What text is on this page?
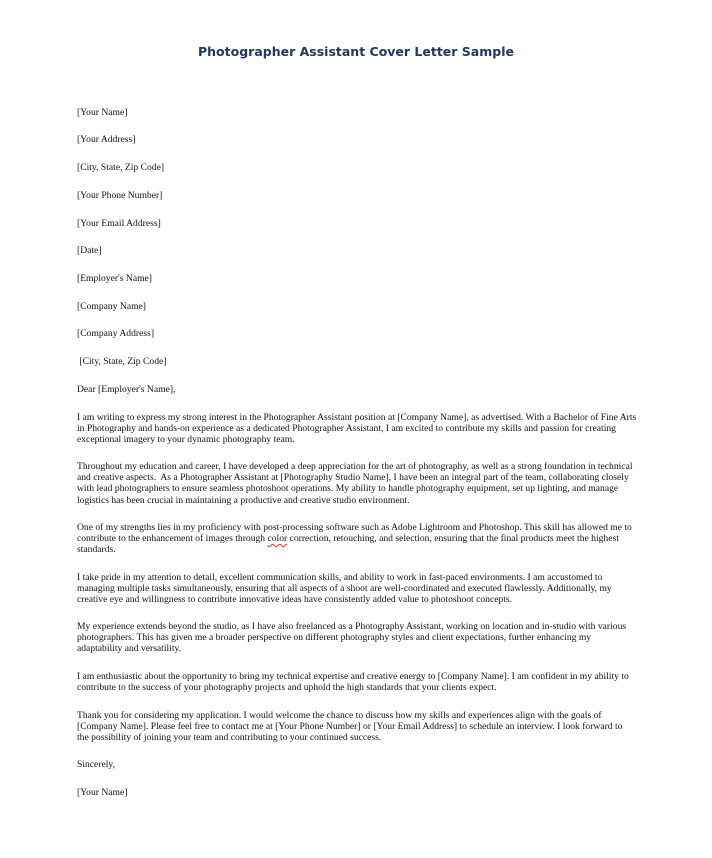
Photographer Assistant Cover Letter Sample
[Your Name]
[Your Address]
[City, State, Zip Code]
[Your Phone Number]
[Your Email Address]
[Date]
[Employer's Name]
[Company Name]
[Company Address]
[City, State, Zip Code]
Dear [Employer's Name],
I am writing to express my strong interest in the Photographer Assistant position at [Company Name], as advertised. With a Bachelor of Fine Arts
in Photography and hands-on experience as a dedicated Photographer Assistant, I am excited to contribute my skills and passion for creating
exceptional imagery to your dynamic photography team.
Throughout my education and career, I have developed a deep appreciation for the art of photography, as well as a strong foundation in technical
and creative aspects.  As a Photographer Assistant at [Photography Studio Name], I have been an integral part of the team, collaborating closely
with lead photographers to ensure seamless photoshoot operations. My ability to handle photography equipment, set up lighting, and manage
logistics has been crucial in maintaining a productive and creative studio environment.
One of my strengths lies in my proficiency with post-processing software such as Adobe Lightroom and Photoshop. This skill has allowed me to
contribute to the enhancement of images through color correction, retouching, and selection, ensuring that the final products meet the highest
standards.
I take pride in my attention to detail, excellent communication skills, and ability to work in fast-paced environments. I am accustomed to
managing multiple tasks simultaneously, ensuring that all aspects of a shoot are well-coordinated and executed flawlessly. Additionally, my
creative eye and willingness to contribute innovative ideas have consistently added value to photoshoot concepts.
My experience extends beyond the studio, as I have also freelanced as a Photography Assistant, working on location and in-studio with various
photographers. This has given me a broader perspective on different photography styles and client expectations, further enhancing my
adaptability and versatility.
I am enthusiastic about the opportunity to bring my technical expertise and creative energy to [Company Name]. I am confident in my ability to
contribute to the success of your photography projects and uphold the high standards that your clients expect.
Thank you for considering my application. I would welcome the chance to discuss how my skills and experiences align with the goals of
[Company Name]. Please feel free to contact me at [Your Phone Number] or [Your Email Address] to schedule an interview. I look forward to
the possibility of joining your team and contributing to your continued success.
Sincerely,
[Your Name]
